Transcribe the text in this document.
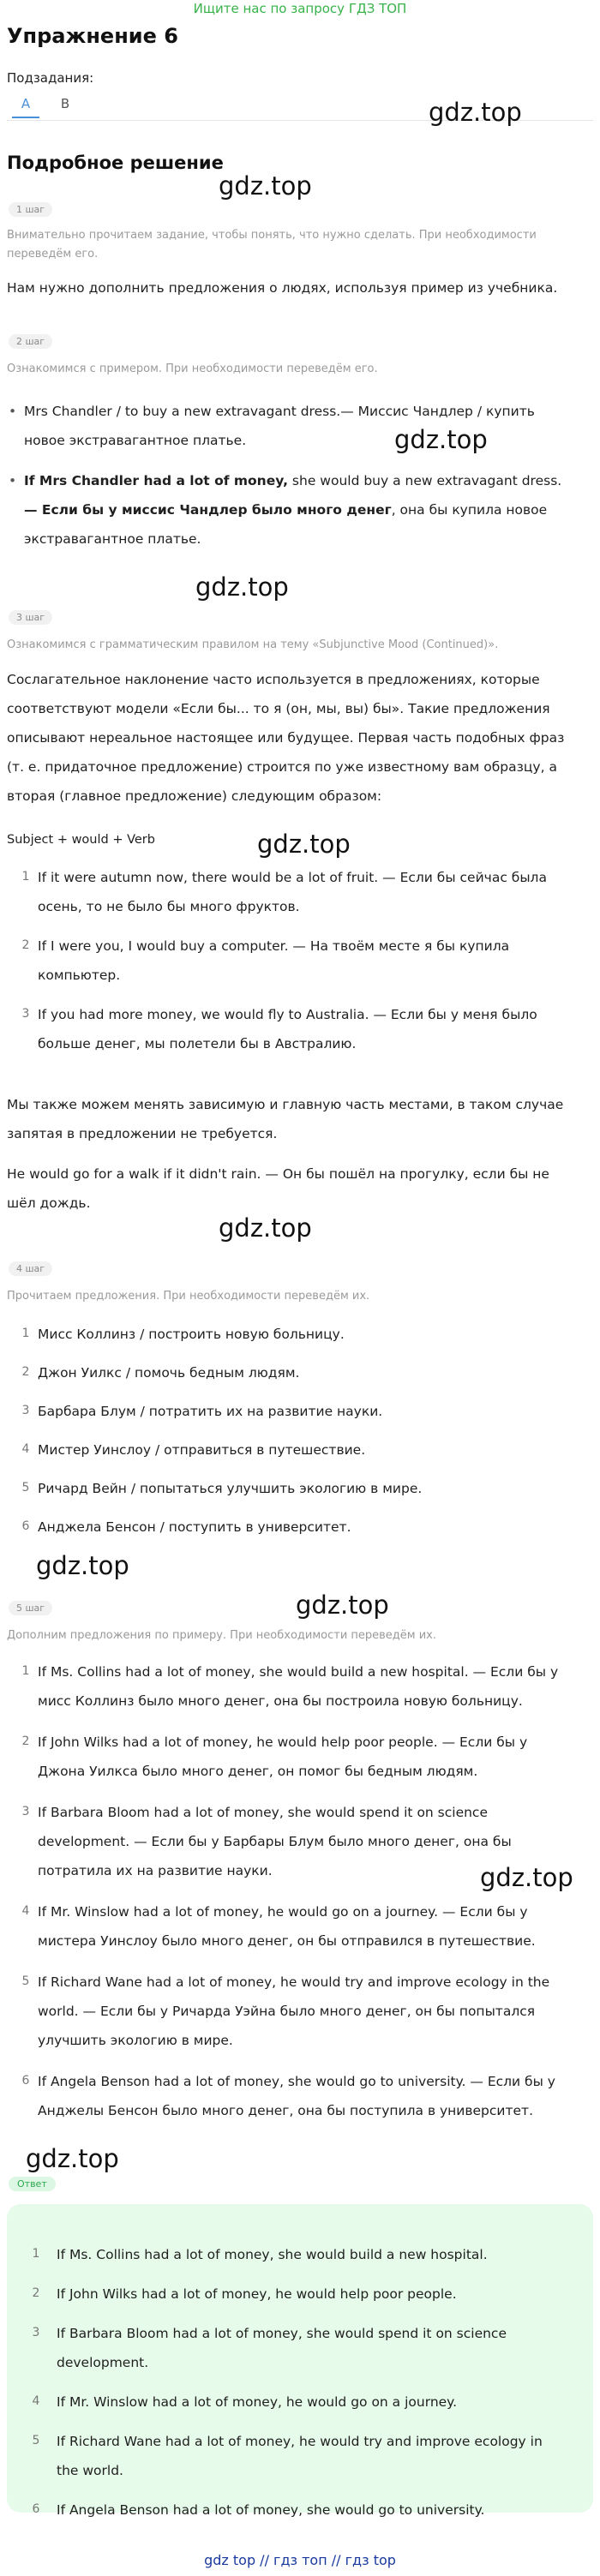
Ищите нас по запросу ГДЗ ТОП
Упражнение 6
Подзадания:
A	B
Подробное решение
gdz.top
gdz.top
gdz.top
gdz.top
gdz.top
gdz.top
gdz.top
gdz.top
gdz.top
gdz.top
1 шаг
Внимательно прочитаем задание, чтобы понять, что нужно сделать. При необходимости переведём его.
Нам нужно дополнить предложения о людях, используя пример из учебника.
2 шаг
Ознакомимся с примером. При необходимости переведём его.
• Mrs Chandler / to buy a new extravagant dress.— Миссис Чандлер / купить
новое экстравагантное платье.
• If Mrs Chandler had a lot of money, she would buy a new extravagant dress.
— Если бы у миссис Чандлер было много денег, она бы купила новое
экстравагантное платье.
3 шаг
Ознакомимся с грамматическим правилом на тему «Subjunctive Mood (Continued)».
Сослагательное наклонение часто используется в предложениях, которые
соответствуют модели «Если бы... то я (он, мы, вы) бы». Такие предложения
описывают нереальное настоящее или будущее. Первая часть подобных фраз
(т. е. придаточное предложение) строится по уже известному вам образцу, а
вторая (главное предложение) следующим образом:
Subject + would + Verb
1 If it were autumn now, there would be a lot of fruit. — Если бы сейчас была
осень, то не было бы много фруктов.
2 If I were you, I would buy a computer. — На твоём месте я бы купила
компьютер.
3 If you had more money, we would fly to Australia. — Если бы у меня было
больше денег, мы полетели бы в Австралию.
Мы также можем менять зависимую и главную часть местами, в таком случае
запятая в предложении не требуется.
He would go for a walk if it didn't rain. — Он бы пошёл на прогулку, если бы не
шёл дождь.
4 шаг
Прочитаем предложения. При необходимости переведём их.
1 Мисс Коллинз / построить новую больницу.
2 Джон Уилкс / помочь бедным людям.
3 Барбара Блум / потратить их на развитие науки.
4 Мистер Уинслоу / отправиться в путешествие.
5 Ричард Вейн / попытаться улучшить экологию в мире.
6 Анджела Бенсон / поступить в университет.
5 шаг
Дополним предложения по примеру. При необходимости переведём их.
1 If Ms. Collins had a lot of money, she would build a new hospital. — Если бы у
мисс Коллинз было много денег, она бы построила новую больницу.
2 If John Wilks had a lot of money, he would help poor people. — Если бы у
Джона Уилкса было много денег, он помог бы бедным людям.
3 If Barbara Bloom had a lot of money, she would spend it on science
development. — Если бы у Барбары Блум было много денег, она бы
потратила их на развитие науки.
4 If Mr. Winslow had a lot of money, he would go on a journey. — Если бы у
мистера Уинслоу было много денег, он бы отправился в путешествие.
5 If Richard Wane had a lot of money, he would try and improve ecology in the
world. — Если бы у Ричарда Уэйна было много денег, он бы попытался
улучшить экологию в мире.
6 If Angela Benson had a lot of money, she would go to university. — Если бы у
Анджелы Бенсон было много денег, она бы поступила в университет.
Ответ
1	If Ms. Collins had a lot of money, she would build a new hospital.
2	If John Wilks had a lot of money, he would help poor people.
3	If Barbara Bloom had a lot of money, she would spend it on science
development.
4	If Mr. Winslow had a lot of money, he would go on a journey.
5	If Richard Wane had a lot of money, he would try and improve ecology in
the world.
6	If Angela Benson had a lot of money, she would go to university.
gdz top // гдз топ // гдз top
